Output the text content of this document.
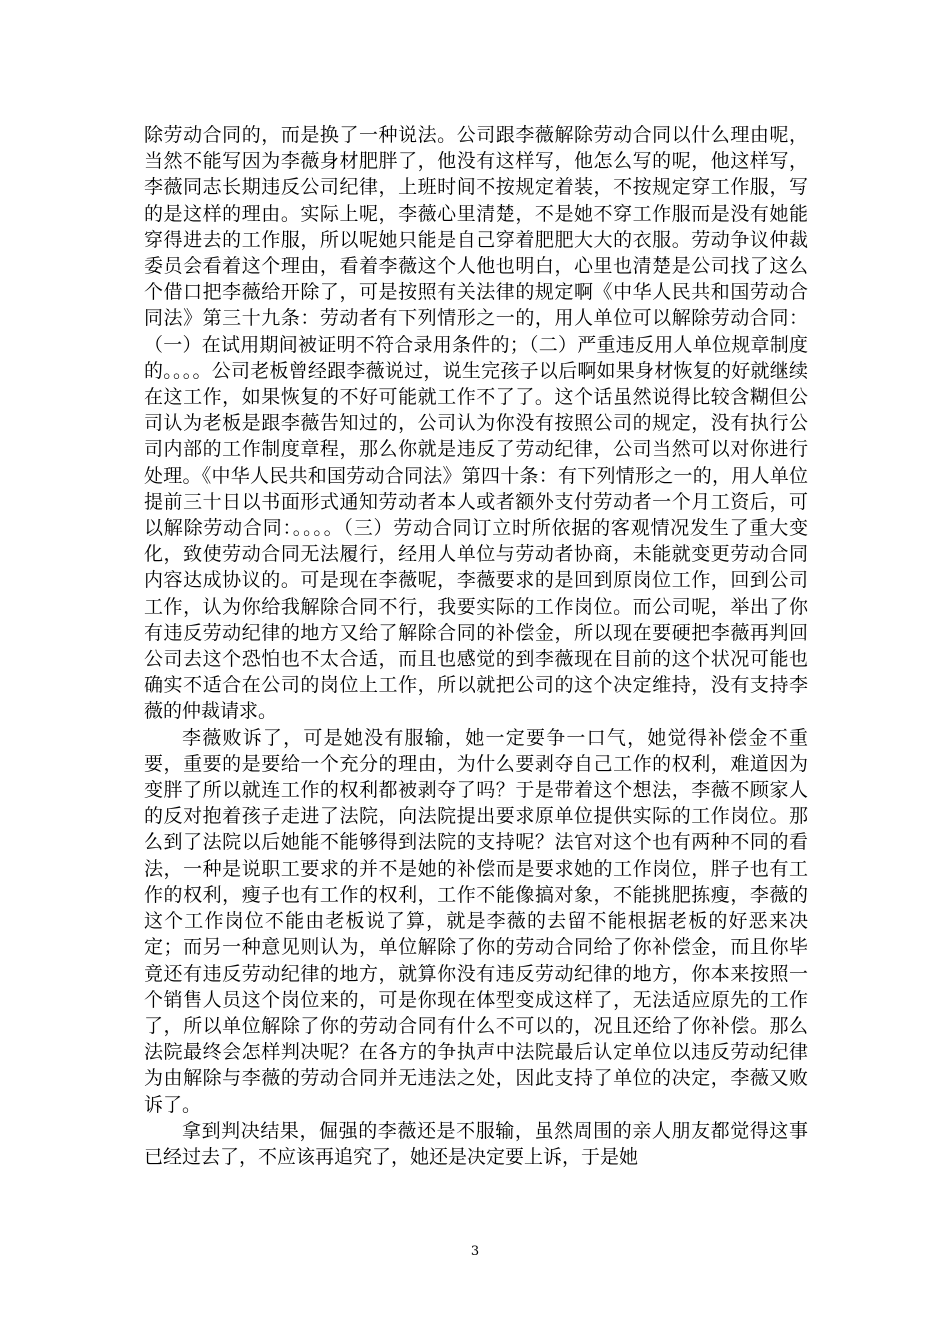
除劳动合同的，而是换了一种说法。公司跟李薇解除劳动合同以什么理由呢，当然不能写因为李薇身材肥胖了，他没有这样写，他怎么写的呢，他这样写，李薇同志长期违反公司纪律，上班时间不按规定着装，不按规定穿工作服，写的是这样的理由。实际上呢，李薇心里清楚，不是她不穿工作服而是没有她能穿得进去的工作服，所以呢她只能是自己穿着肥肥大大的衣服。劳动争议仲裁委员会看着这个理由，看着李薇这个人他也明白，心里也清楚是公司找了这么个借口把李薇给开除了，可是按照有关法律的规定啊《中华人民共和国劳动合同法》第三十九条：劳动者有下列情形之一的，用人单位可以解除劳动合同：（一）在试用期间被证明不符合录用条件的；（二）严重违反用人单位规章制度的。。。。公司老板曾经跟李薇说过，说生完孩子以后啊如果身材恢复的好就继续在这工作，如果恢复的不好可能就工作不了了。这个话虽然说得比较含糊但公司认为老板是跟李薇告知过的，公司认为你没有按照公司的规定，没有执行公司内部的工作制度章程，那么你就是违反了劳动纪律，公司当然可以对你进行处理。《中华人民共和国劳动合同法》第四十条：有下列情形之一的，用人单位提前三十日以书面形式通知劳动者本人或者额外支付劳动者一个月工资后，可以解除劳动合同：。。。。（三）劳动合同订立时所依据的客观情况发生了重大变化，致使劳动合同无法履行，经用人单位与劳动者协商，未能就变更劳动合同内容达成协议的。可是现在李薇呢，李薇要求的是回到原岗位工作，回到公司工作，认为你给我解除合同不行，我要实际的工作岗位。而公司呢，举出了你有违反劳动纪律的地方又给了解除合同的补偿金，所以现在要硬把李薇再判回公司去这个恐怕也不太合适，而且也感觉的到李薇现在目前的这个状况可能也确实不适合在公司的岗位上工作，所以就把公司的这个决定维持，没有支持李薇的仲裁请求。

李薇败诉了，可是她没有服输，她一定要争一口气，她觉得补偿金不重要，重要的是要给一个充分的理由，为什么要剥夺自己工作的权利，难道因为变胖了所以就连工作的权利都被剥夺了吗？于是带着这个想法，李薇不顾家人的反对抱着孩子走进了法院，向法院提出要求原单位提供实际的工作岗位。那么到了法院以后她能不能够得到法院的支持呢？法官对这个也有两种不同的看法，一种是说职工要求的并不是她的补偿而是要求她的工作岗位，胖子也有工作的权利，瘦子也有工作的权利，工作不能像搞对象，不能挑肥拣瘦，李薇的这个工作岗位不能由老板说了算，就是李薇的去留不能根据老板的好恶来决定；而另一种意见则认为，单位解除了你的劳动合同给了你补偿金，而且你毕竟还有违反劳动纪律的地方，就算你没有违反劳动纪律的地方，你本来按照一个销售人员这个岗位来的，可是你现在体型变成这样了，无法适应原先的工作了，所以单位解除了你的劳动合同有什么不可以的，况且还给了你补偿。那么法院最终会怎样判决呢？在各方的争执声中法院最后认定单位以违反劳动纪律为由解除与李薇的劳动合同并无违法之处，因此支持了单位的决定，李薇又败诉了。

拿到判决结果，倔强的李薇还是不服输，虽然周围的亲人朋友都觉得这事已经过去了，不应该再追究了，她还是决定要上诉，于是她

3
